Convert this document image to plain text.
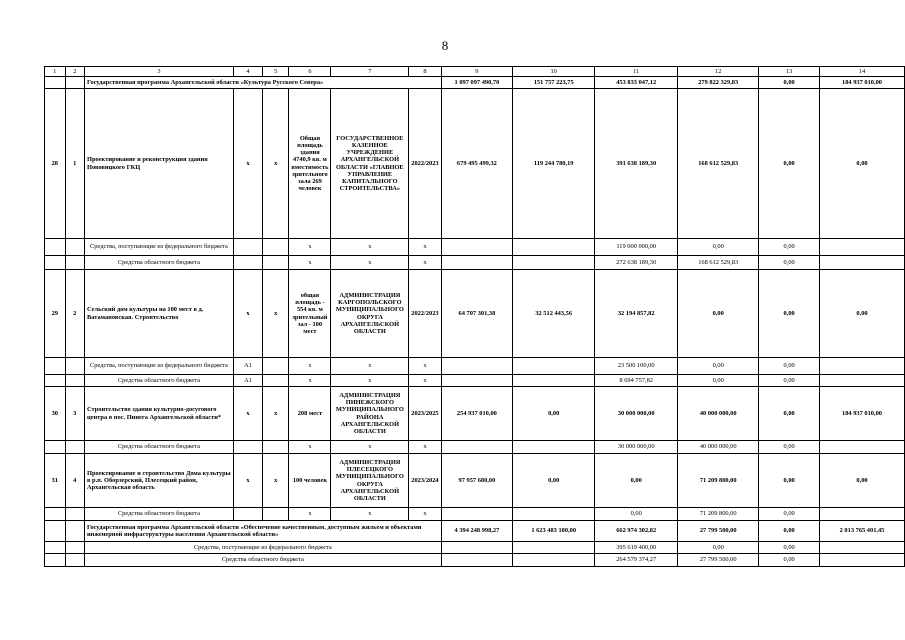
8
1	2	3	4	5	6	7	8	9	10	11	12	13	14
		Государственная программа Архангельской области «Культура Русского Севера»						1 097 097 490,70	151 757 223,75	453 833 047,12	279 822 329,83	0,00	184 937 010,00
28	1	Проектирование и реконструкция здания Нововицкого ГКЦ	х	х	Общая площадь здания 4740,9 кв. м вместимость зрительного зала 269 человек	ГОСУДАРСТВЕННОЕ КАЗЕННОЕ УЧРЕЖДЕНИЕ АРХАНГЕЛЬСКОЙ ОБЛАСТИ «ГЛАВНОЕ УПРАВЛЕНИЕ КАПИТАЛЬНОГО СТРОИТЕЛЬСТВА»	2022/2023	679 495 499,32	119 244 780,19	391 638 189,30	168 612 529,83	0,00	0,00
		Средства, поступающие из федерального бюджета			х	х	х			119 000 000,00	0,00	0,00	
		Средства областного бюджета			х	х	х			272 638 189,30	168 612 529,83	0,00	
29	2	Сельский дом культуры на 100 мест в д. Ватамановская. Строительство	х	х	общая площадь - 554 кв. м зрительный зал - 100 мест	АДМИНИСТРАЦИЯ КАРГОПОЛЬСКОГО МУНИЦИПАЛЬНОГО ОКРУГА АРХАНГЕЛЬСКОЙ ОБЛАСТИ	2022/2023	64 707 301,38	32 512 443,56	32 194 857,82	0,00	0,00	0,00
		Средства, поступающие из федерального бюджета	А1		х	х	х			23 500 100,00	0,00	0,00	
		Средства областного бюджета	А1		х	х	х			8 694 757,82	0,00	0,00	
30	3	Строительство здания культурно-досугового центра в пос. Пинега Архангельской области*	х	х	208 мест	АДМИНИСТРАЦИЯ ПИНЕЖСКОГО МУНИЦИПАЛЬНОГО РАЙОНА АРХАНГЕЛЬСКОЙ ОБЛАСТИ	2023/2025	254 937 010,00	0,00	30 000 000,00	40 000 000,00	0,00	184 937 010,00
		Средства областного бюджета			х	х	х			30 000 000,00	40 000 000,00	0,00	
31	4	Проектирование и строительство Дома культуры в р.п. Оборзерский, Плесецкий район, Архангельская область	х	х	100 человек	АДМИНИСТРАЦИЯ ПЛЕСЕЦКОГО МУНИЦИПАЛЬНОГО ОКРУГА АРХАНГЕЛЬСКОЙ ОБЛАСТИ	2023/2024	97 957 680,00	0,00	0,00	71 209 800,00	0,00	0,00
		Средства областного бюджета			х	х	х			0,00	71 209 800,00	0,00	
		Государственная программа Архангельской области «Обеспечение качественным, доступным жильем и объектами инженерной инфраструктуры населения Архангельской области»						4 394 248 998,27	1 623 483 180,00	662 974 302,82	27 799 500,00	0,00	2 013 765 401,45
		Средства, поступающие из федерального бюджета								395 619 400,00	0,00	0,00	
		Средства областного бюджета								264 579 374,27	27 799 500,00	0,00	
